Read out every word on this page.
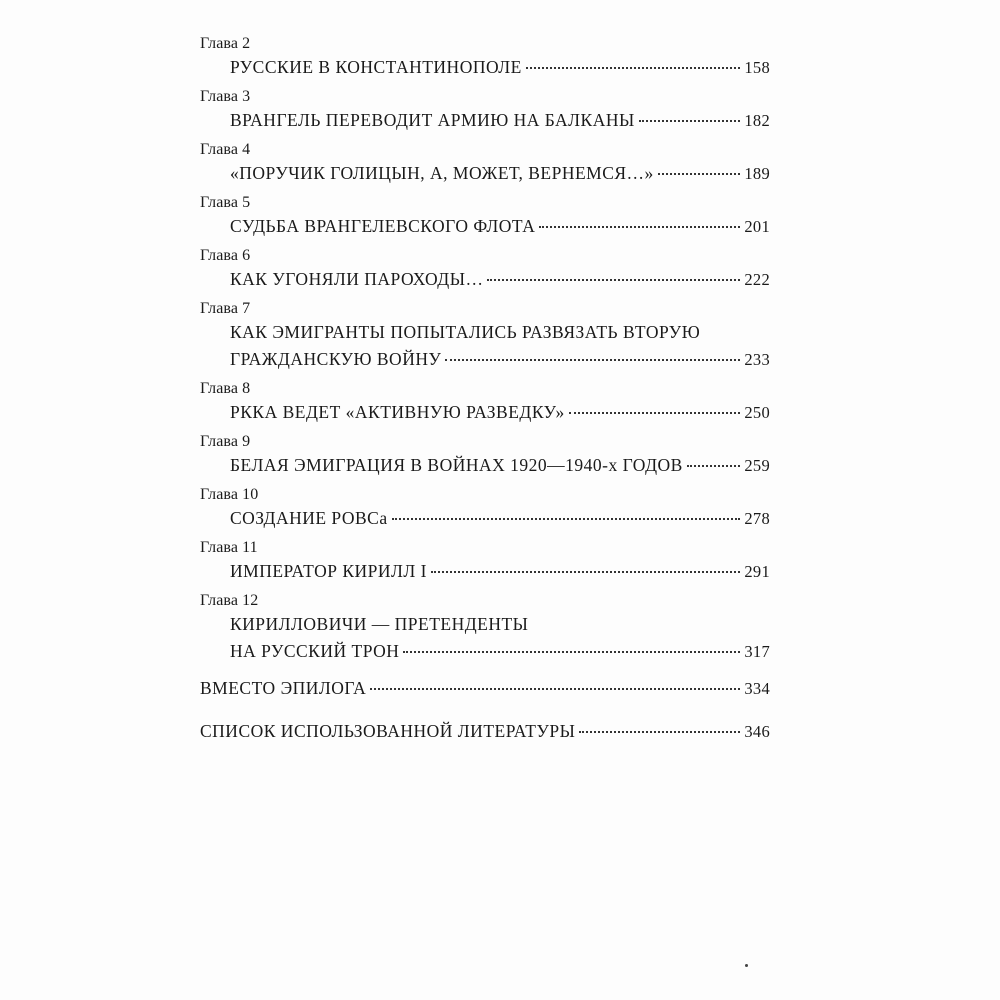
Глава 2
РУССКИЕ В КОНСТАНТИНОПОЛЕ	158
Глава 3
ВРАНГЕЛЬ ПЕРЕВОДИТ АРМИЮ НА БАЛКАНЫ	182
Глава 4
«ПОРУЧИК ГОЛИЦЫН, А, МОЖЕТ, ВЕРНЕМСЯ…»	189
Глава 5
СУДЬБА ВРАНГЕЛЕВСКОГО ФЛОТА	201
Глава 6
КАК УГОНЯЛИ ПАРОХОДЫ…	222
Глава 7
КАК ЭМИГРАНТЫ ПОПЫТАЛИСЬ РАЗВЯЗАТЬ ВТОРУЮ
ГРАЖДАНСКУЮ ВОЙНУ	233
Глава 8
РККА ВЕДЕТ «АКТИВНУЮ РАЗВЕДКУ»	250
Глава 9
БЕЛАЯ ЭМИГРАЦИЯ В ВОЙНАХ 1920—1940-х ГОДОВ	259
Глава 10
СОЗДАНИЕ РОВСа	278
Глава 11
ИМПЕРАТОР КИРИЛЛ I	291
Глава 12
КИРИЛЛОВИЧИ — ПРЕТЕНДЕНТЫ
НА РУССКИЙ ТРОН	317
ВМЕСТО ЭПИЛОГА	334
СПИСОК ИСПОЛЬЗОВАННОЙ ЛИТЕРАТУРЫ	346
